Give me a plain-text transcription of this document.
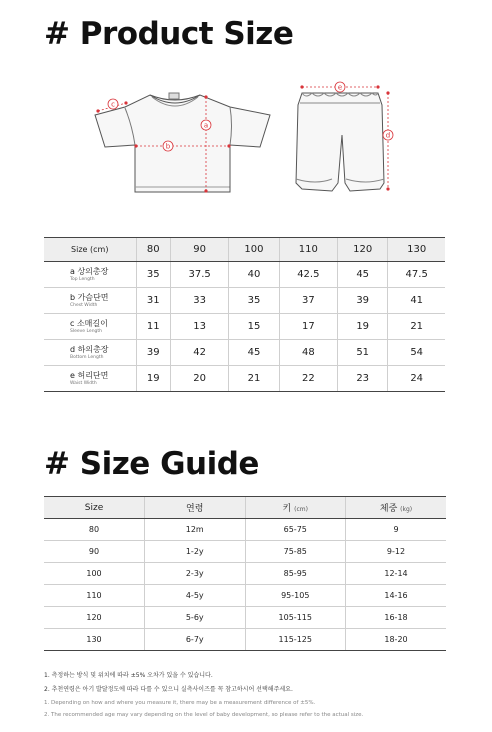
# Product Size
a
b
c
e
d
Size (cm)	80	90	100	110	120	130

a 상의총장
Top Length	35	37.5	40	42.5	45	47.5

b 가슴단면
Chest Width	31	33	35	37	39	41

c 소매길이
Sleeve Length	11	13	15	17	19	21

d 하의총장
Bottom Length	39	42	45	48	51	54

e 허리단면
Waist Width	19	20	21	22	23	24
# Size Guide
Size	연령	키 (cm)	체중 (kg)
80	12m	65-75	9
90	1-2y	75-85	9-12
100	2-3y	85-95	12-14
110	4-5y	95-105	14-16
120	5-6y	105-115	16-18
130	6-7y	115-125	18-20
1. 측정하는 방식 및 위치에 따라 ±5% 오차가 있을 수 있습니다.
2. 추천연령은 아기 발달정도에 따라 다를 수 있으니 실측사이즈를 꼭 참고하시어 선택해주세요.
1. Depending on how and where you measure it, there may be a measurement difference of ±5%.
2. The recommended age may vary depending on the level of baby development, so please refer to the actual size.
